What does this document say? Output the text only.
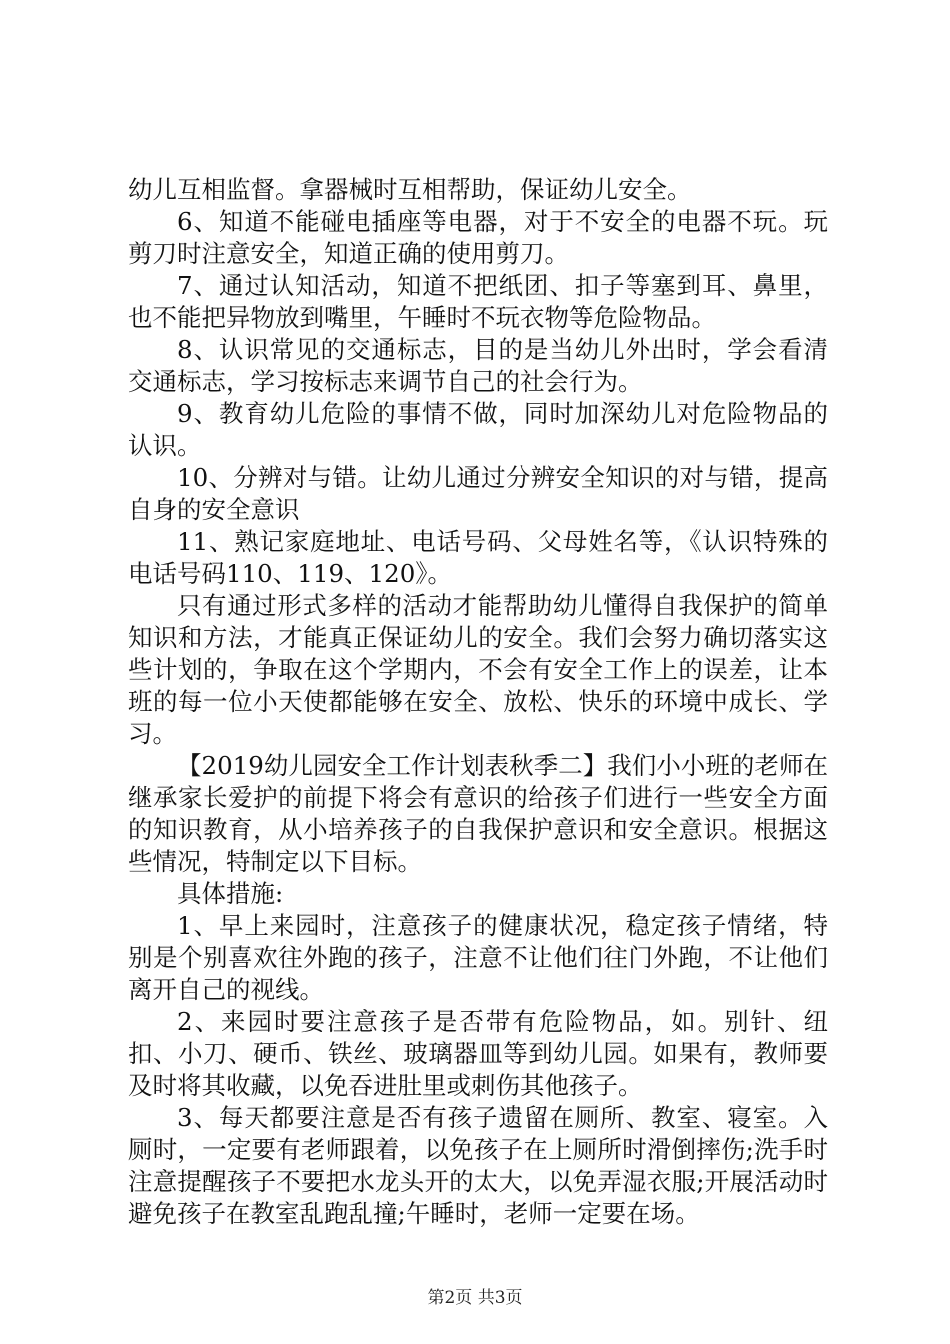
幼儿互相监督。拿器械时互相帮助，保证幼儿安全。

6、知道不能碰电插座等电器，对于不安全的电器不玩。玩剪刀时注意安全，知道正确的使用剪刀。

7、通过认知活动，知道不把纸团、扣子等塞到耳、鼻里，也不能把异物放到嘴里，午睡时不玩衣物等危险物品。

8、认识常见的交通标志，目的是当幼儿外出时，学会看清交通标志，学习按标志来调节自己的社会行为。

9、教育幼儿危险的事情不做，同时加深幼儿对危险物品的认识。

10、分辨对与错。让幼儿通过分辨安全知识的对与错，提高自身的安全意识

11、熟记家庭地址、电话号码、父母姓名等，《认识特殊的电话号码110、119、120》。

只有通过形式多样的活动才能帮助幼儿懂得自我保护的简单知识和方法，才能真正保证幼儿的安全。我们会努力确切落实这些计划的，争取在这个学期内，不会有安全工作上的误差，让本班的每一位小天使都能够在安全、放松、快乐的环境中成长、学习。

【2019幼儿园安全工作计划表秋季二】我们小小班的老师在继承家长爱护的前提下将会有意识的给孩子们进行一些安全方面的知识教育，从小培养孩子的自我保护意识和安全意识。根据这些情况，特制定以下目标。

具体措施:

1、早上来园时，注意孩子的健康状况，稳定孩子情绪，特别是个别喜欢往外跑的孩子，注意不让他们往门外跑，不让他们离开自己的视线。

2、来园时要注意孩子是否带有危险物品，如。别针、纽扣、小刀、硬币、铁丝、玻璃器皿等到幼儿园。如果有，教师要及时将其收藏，以免吞进肚里或刺伤其他孩子。

3、每天都要注意是否有孩子遗留在厕所、教室、寝室。入厕时，一定要有老师跟着，以免孩子在上厕所时滑倒摔伤;洗手时注意提醒孩子不要把水龙头开的太大，以免弄湿衣服;开展活动时避免孩子在教室乱跑乱撞;午睡时，老师一定要在场。

第2页 共3页
